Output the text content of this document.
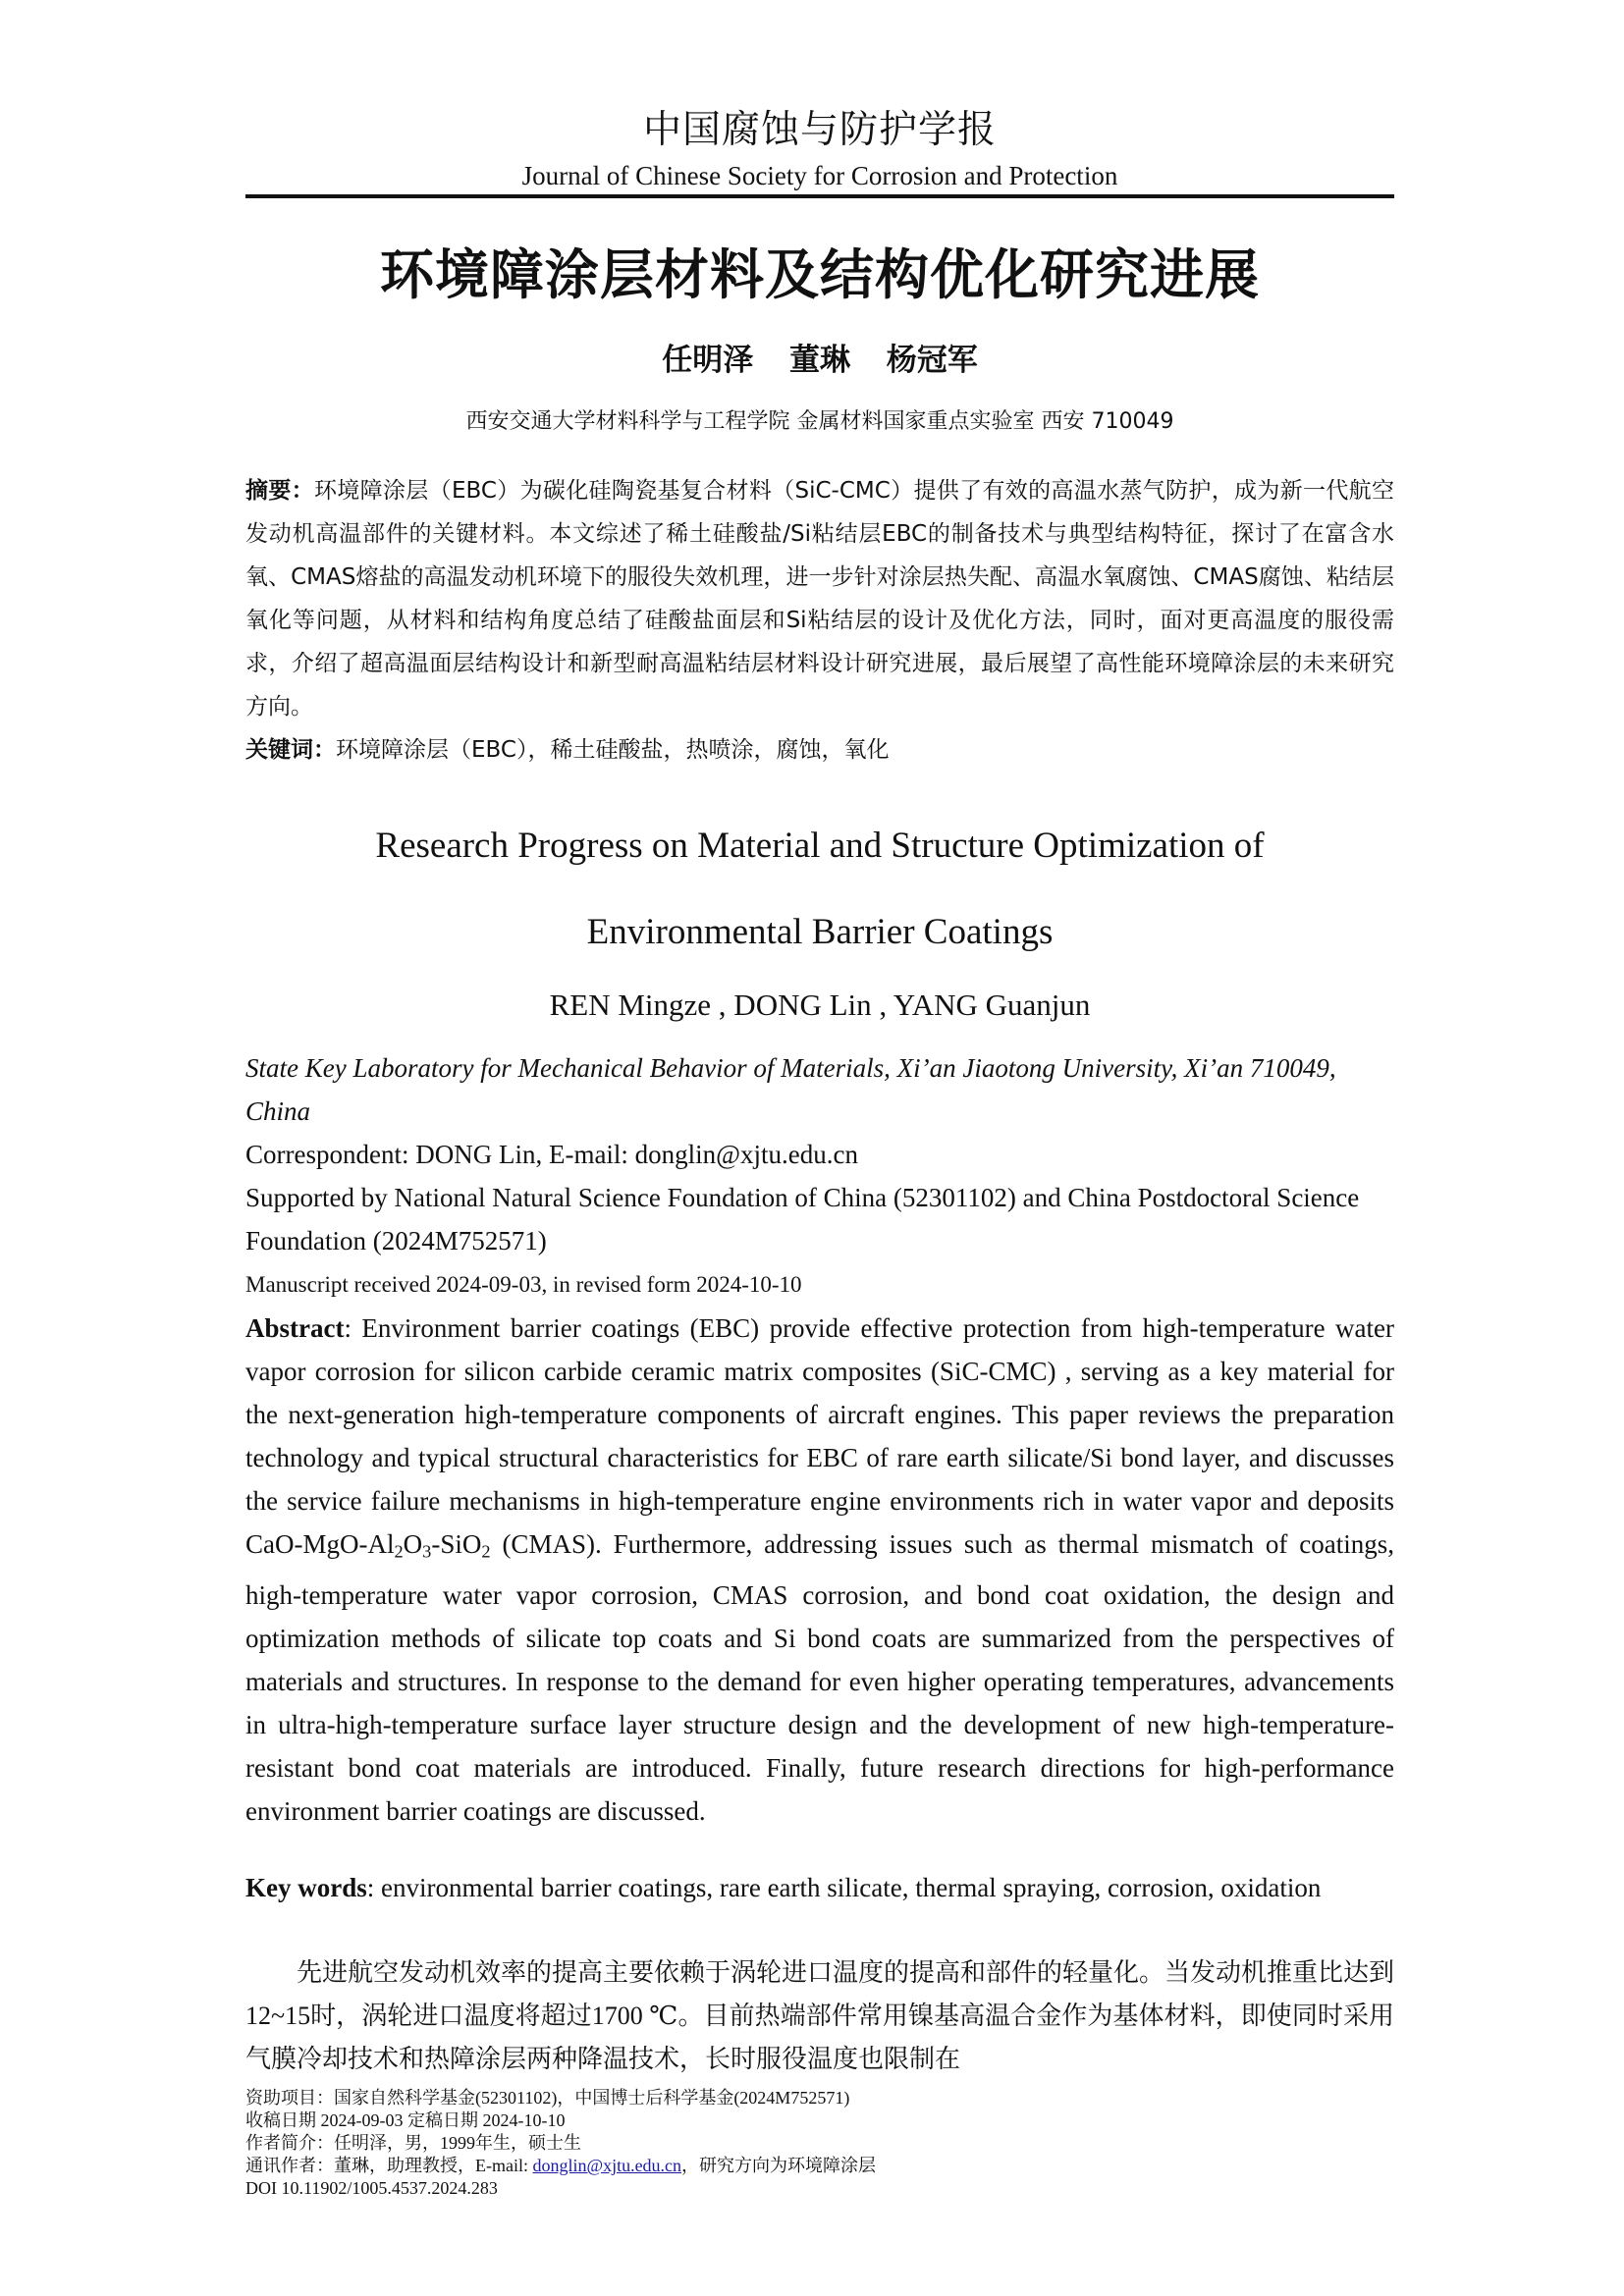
中国腐蚀与防护学报
Journal of Chinese Society for Corrosion and Protection
环境障涂层材料及结构优化研究进展
任明泽 董琳 杨冠军
西安交通大学材料科学与工程学院 金属材料国家重点实验室 西安 710049
摘要：环境障涂层（EBC）为碳化硅陶瓷基复合材料（SiC-CMC）提供了有效的高温水蒸气防护，成为新一代航空发动机高温部件的关键材料。本文综述了稀土硅酸盐/Si粘结层EBC的制备技术与典型结构特征，探讨了在富含水氧、CMAS熔盐的高温发动机环境下的服役失效机理，进一步针对涂层热失配、高温水氧腐蚀、CMAS腐蚀、粘结层氧化等问题，从材料和结构角度总结了硅酸盐面层和Si粘结层的设计及优化方法，同时，面对更高温度的服役需求，介绍了超高温面层结构设计和新型耐高温粘结层材料设计研究进展，最后展望了高性能环境障涂层的未来研究方向。
关键词：环境障涂层（EBC），稀土硅酸盐，热喷涂，腐蚀，氧化
Research Progress on Material and Structure Optimization of
Environmental Barrier Coatings
REN Mingze , DONG Lin , YANG Guanjun
State Key Laboratory for Mechanical Behavior of Materials, Xi’an Jiaotong University, Xi’an 710049, China
Correspondent: DONG Lin, E-mail: donglin@xjtu.edu.cn
Supported by National Natural Science Foundation of China (52301102) and China Postdoctoral Science Foundation (2024M752571)
Manuscript received 2024-09-03, in revised form 2024-10-10
Abstract: Environment barrier coatings (EBC) provide effective protection from high-temperature water vapor corrosion for silicon carbide ceramic matrix composites (SiC-CMC) , serving as a key material for the next-generation high-temperature components of aircraft engines. This paper reviews the preparation technology and typical structural characteristics for EBC of rare earth silicate/Si bond layer, and discusses the service failure mechanisms in high-temperature engine environments rich in water vapor and deposits CaO-$MgO-Al_2O_3-SiO_2$ (CMAS). Furthermore, addressing issues such as thermal mismatch of coatings, high-temperature water vapor corrosion, CMAS corrosion, and bond coat oxidation, the design and optimization methods of silicate top coats and Si bond coats are summarized from the perspectives of materials and structures. In response to the demand for even higher operating temperatures, advancements in ultra-high-temperature surface layer structure design and the development of new high-temperature-resistant bond coat materials are introduced. Finally, future research directions for high-performance environment barrier coatings are discussed.
Key words: environmental barrier coatings, rare earth silicate, thermal spraying, corrosion, oxidation
先进航空发动机效率的提高主要依赖于涡轮进口温度的提高和部件的轻量化。当发动机推重比达到12~15时，涡轮进口温度将超过1700 ℃。目前热端部件常用镍基高温合金作为基体材料，即使同时采用气膜冷却技术和热障涂层两种降温技术，长时服役温度也限制在
资助项目：国家自然科学基金(52301102)，中国博士后科学基金(2024M752571)
收稿日期 2024-09-03 定稿日期 2024-10-10
作者简介：任明泽，男，1999年生，硕士生
通讯作者：董琳，助理教授，E-mail: donglin@xjtu.edu.cn，研究方向为环境障涂层
DOI 10.11902/1005.4537.2024.283
